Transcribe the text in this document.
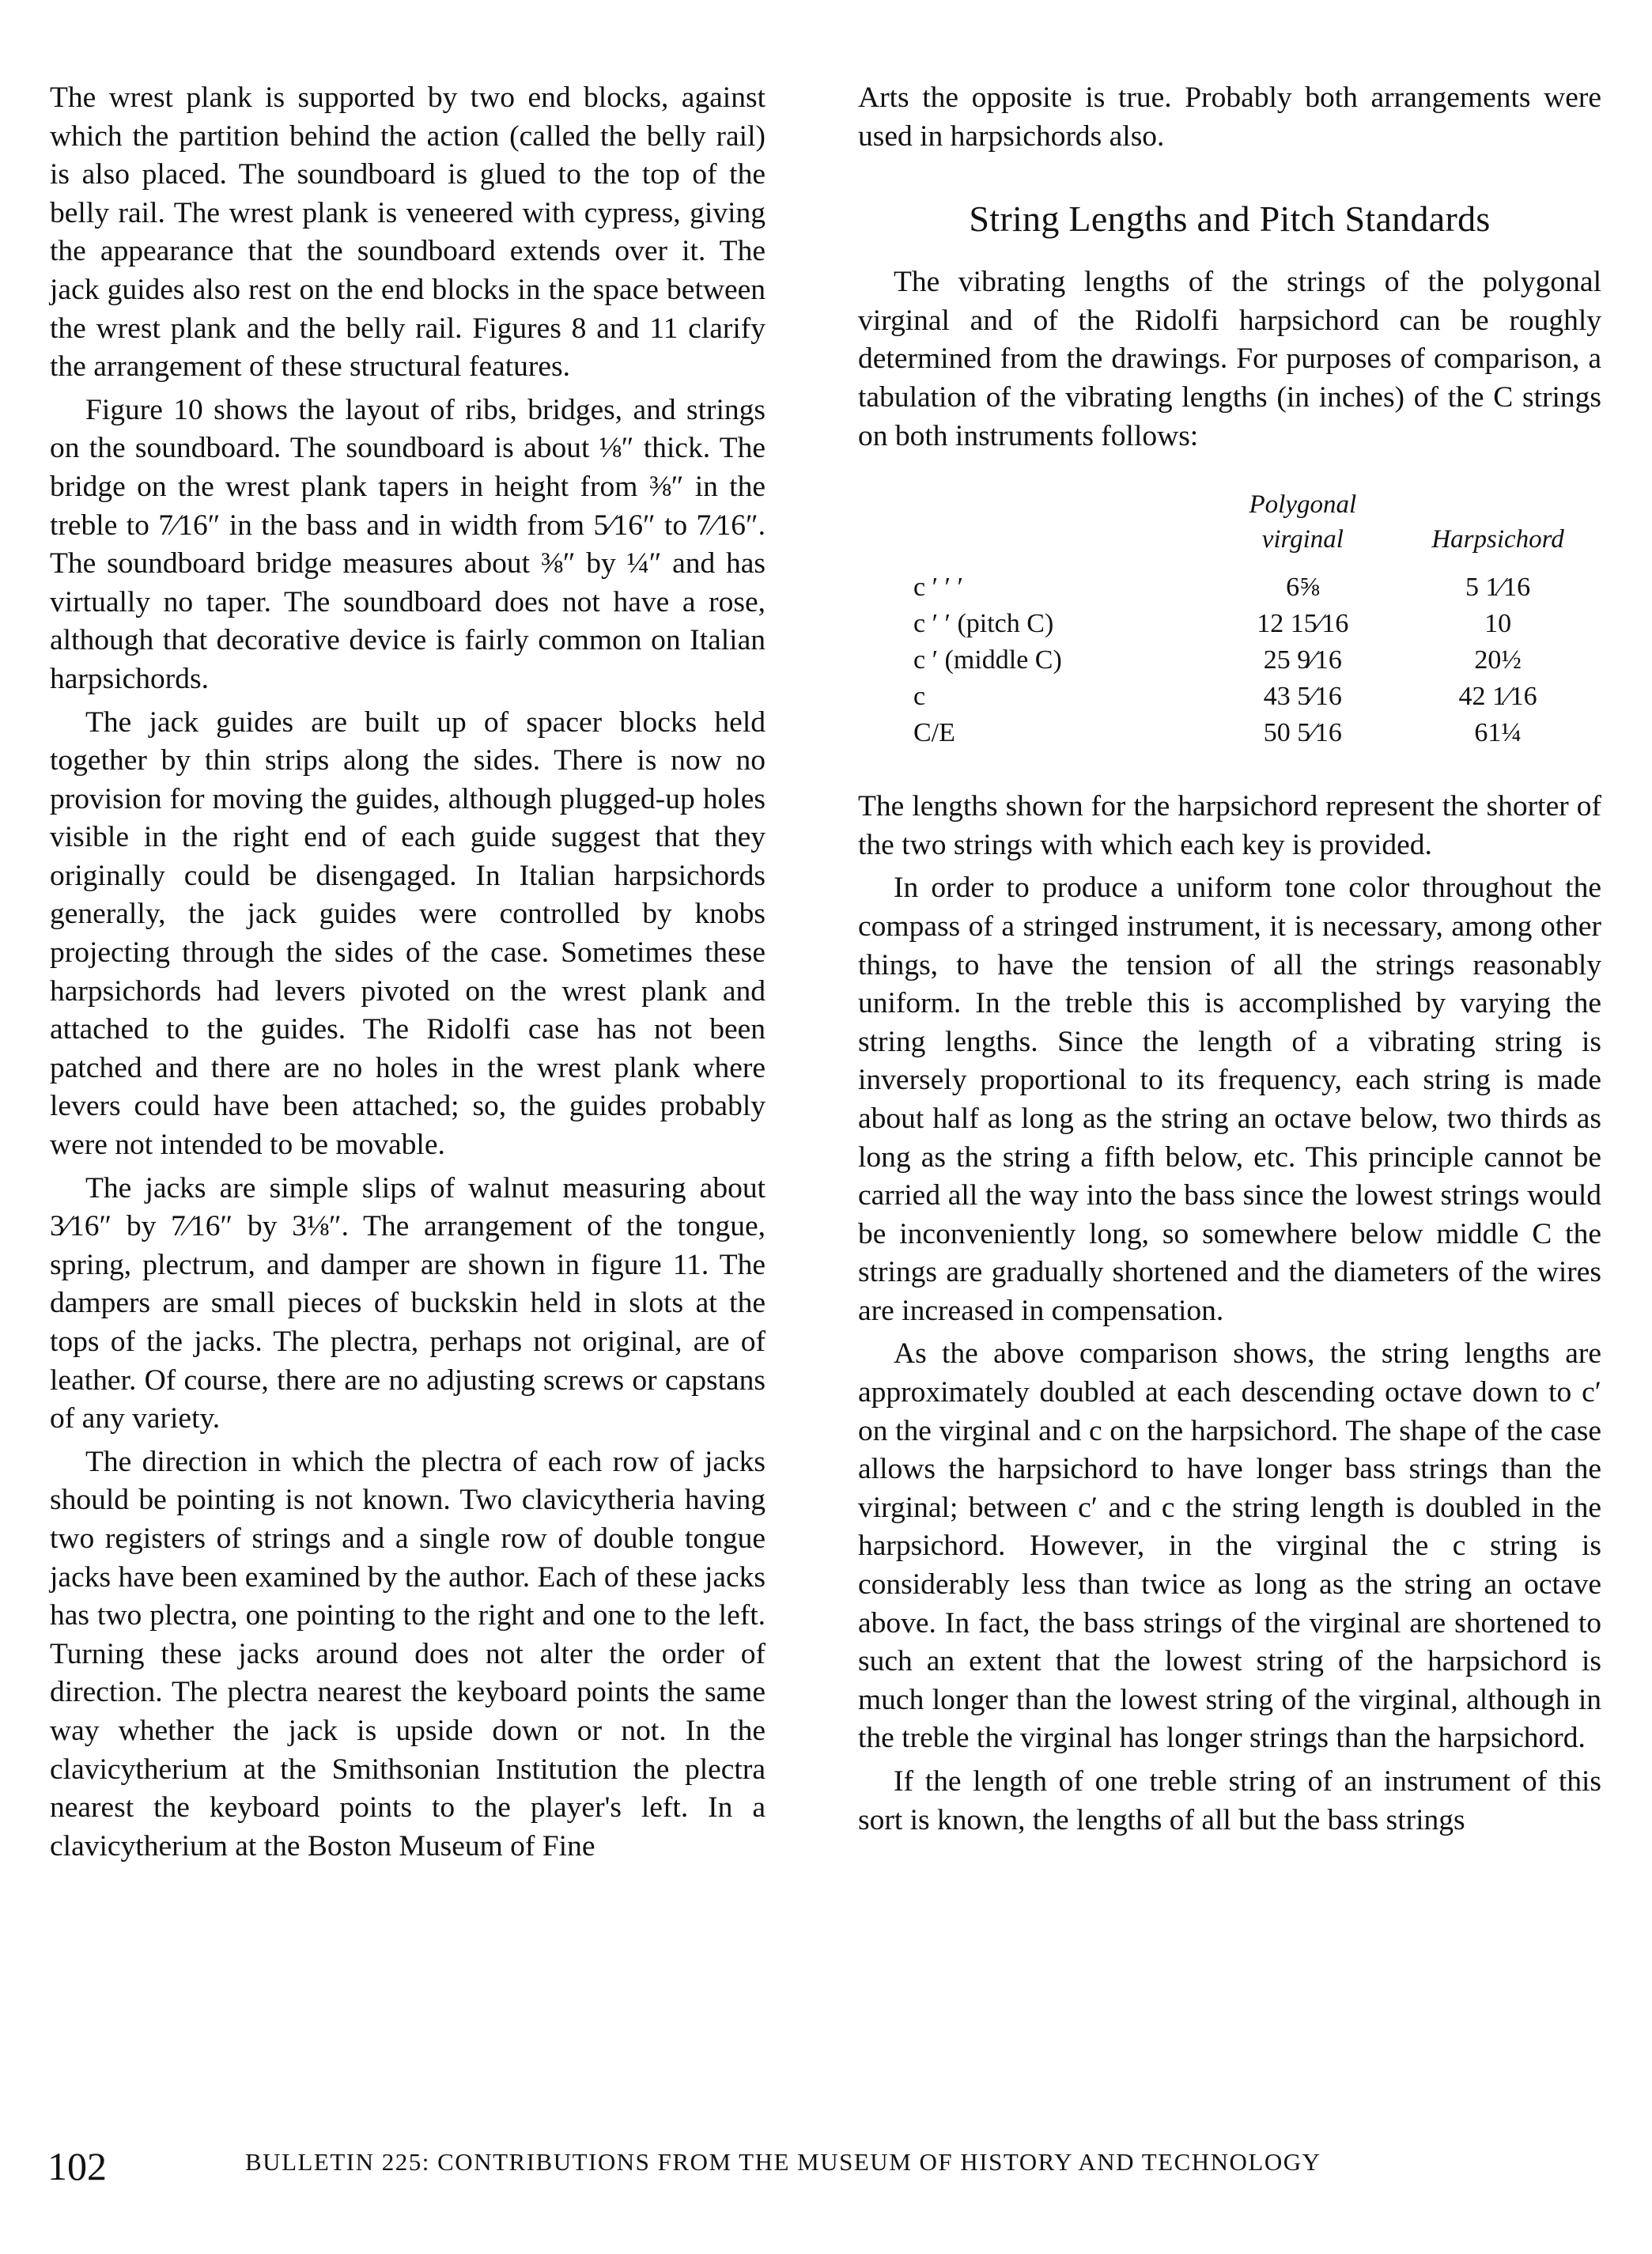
The wrest plank is supported by two end blocks, against which the partition behind the action (called the belly rail) is also placed. The soundboard is glued to the top of the belly rail. The wrest plank is veneered with cypress, giving the appearance that the soundboard extends over it. The jack guides also rest on the end blocks in the space between the wrest plank and the belly rail. Figures 8 and 11 clarify the arrangement of these structural features.

Figure 10 shows the layout of ribs, bridges, and strings on the soundboard. The soundboard is about ⅛″ thick. The bridge on the wrest plank tapers in height from ⅜″ in the treble to 7⁄16″ in the bass and in width from 5⁄16″ to 7⁄16″. The soundboard bridge measures about ⅜″ by ¼″ and has virtually no taper. The soundboard does not have a rose, although that decorative device is fairly common on Italian harpsichords.

The jack guides are built up of spacer blocks held together by thin strips along the sides. There is now no provision for moving the guides, although plugged-up holes visible in the right end of each guide suggest that they originally could be disengaged. In Italian harpsichords generally, the jack guides were controlled by knobs projecting through the sides of the case. Sometimes these harpsichords had levers pivoted on the wrest plank and attached to the guides. The Ridolfi case has not been patched and there are no holes in the wrest plank where levers could have been attached; so, the guides probably were not intended to be movable.

The jacks are simple slips of walnut measuring about 3⁄16″ by 7⁄16″ by 3⅛″. The arrangement of the tongue, spring, plectrum, and damper are shown in figure 11. The dampers are small pieces of buckskin held in slots at the tops of the jacks. The plectra, perhaps not original, are of leather. Of course, there are no adjusting screws or capstans of any variety.

The direction in which the plectra of each row of jacks should be pointing is not known. Two clavicytheria having two registers of strings and a single row of double tongue jacks have been examined by the author. Each of these jacks has two plectra, one pointing to the right and one to the left. Turning these jacks around does not alter the order of direction. The plectra nearest the keyboard points the same way whether the jack is upside down or not. In the clavicytherium at the Smithsonian Institution the plectra nearest the keyboard points to the player's left. In a clavicytherium at the Boston Museum of Fine

Arts the opposite is true. Probably both arrangements were used in harpsichords also.

String Lengths and Pitch Standards

The vibrating lengths of the strings of the polygonal virginal and of the Ridolfi harpsichord can be roughly determined from the drawings. For purposes of comparison, a tabulation of the vibrating lengths (in inches) of the C strings on both instruments follows:

	Polygonal virginal	Harpsichord
c ′ ′ ′	6⅝	5 1⁄16
c ′ ′ (pitch C)	12 15⁄16	10
c ′ (middle C)	25 9⁄16	20½
c	43 5⁄16	42 1⁄16
C/E	50 5⁄16	61¼

The lengths shown for the harpsichord represent the shorter of the two strings with which each key is provided.

In order to produce a uniform tone color throughout the compass of a stringed instrument, it is necessary, among other things, to have the tension of all the strings reasonably uniform. In the treble this is accomplished by varying the string lengths. Since the length of a vibrating string is inversely proportional to its frequency, each string is made about half as long as the string an octave below, two thirds as long as the string a fifth below, etc. This principle cannot be carried all the way into the bass since the lowest strings would be inconveniently long, so somewhere below middle C the strings are gradually shortened and the diameters of the wires are increased in compensation.

As the above comparison shows, the string lengths are approximately doubled at each descending octave down to c′ on the virginal and c on the harpsichord. The shape of the case allows the harpsichord to have longer bass strings than the virginal; between c′ and c the string length is doubled in the harpsichord. However, in the virginal the c string is considerably less than twice as long as the string an octave above. In fact, the bass strings of the virginal are shortened to such an extent that the lowest string of the harpsichord is much longer than the lowest string of the virginal, although in the treble the virginal has longer strings than the harpsichord.

If the length of one treble string of an instrument of this sort is known, the lengths of all but the bass strings

102	BULLETIN 225: CONTRIBUTIONS FROM THE MUSEUM OF HISTORY AND TECHNOLOGY
